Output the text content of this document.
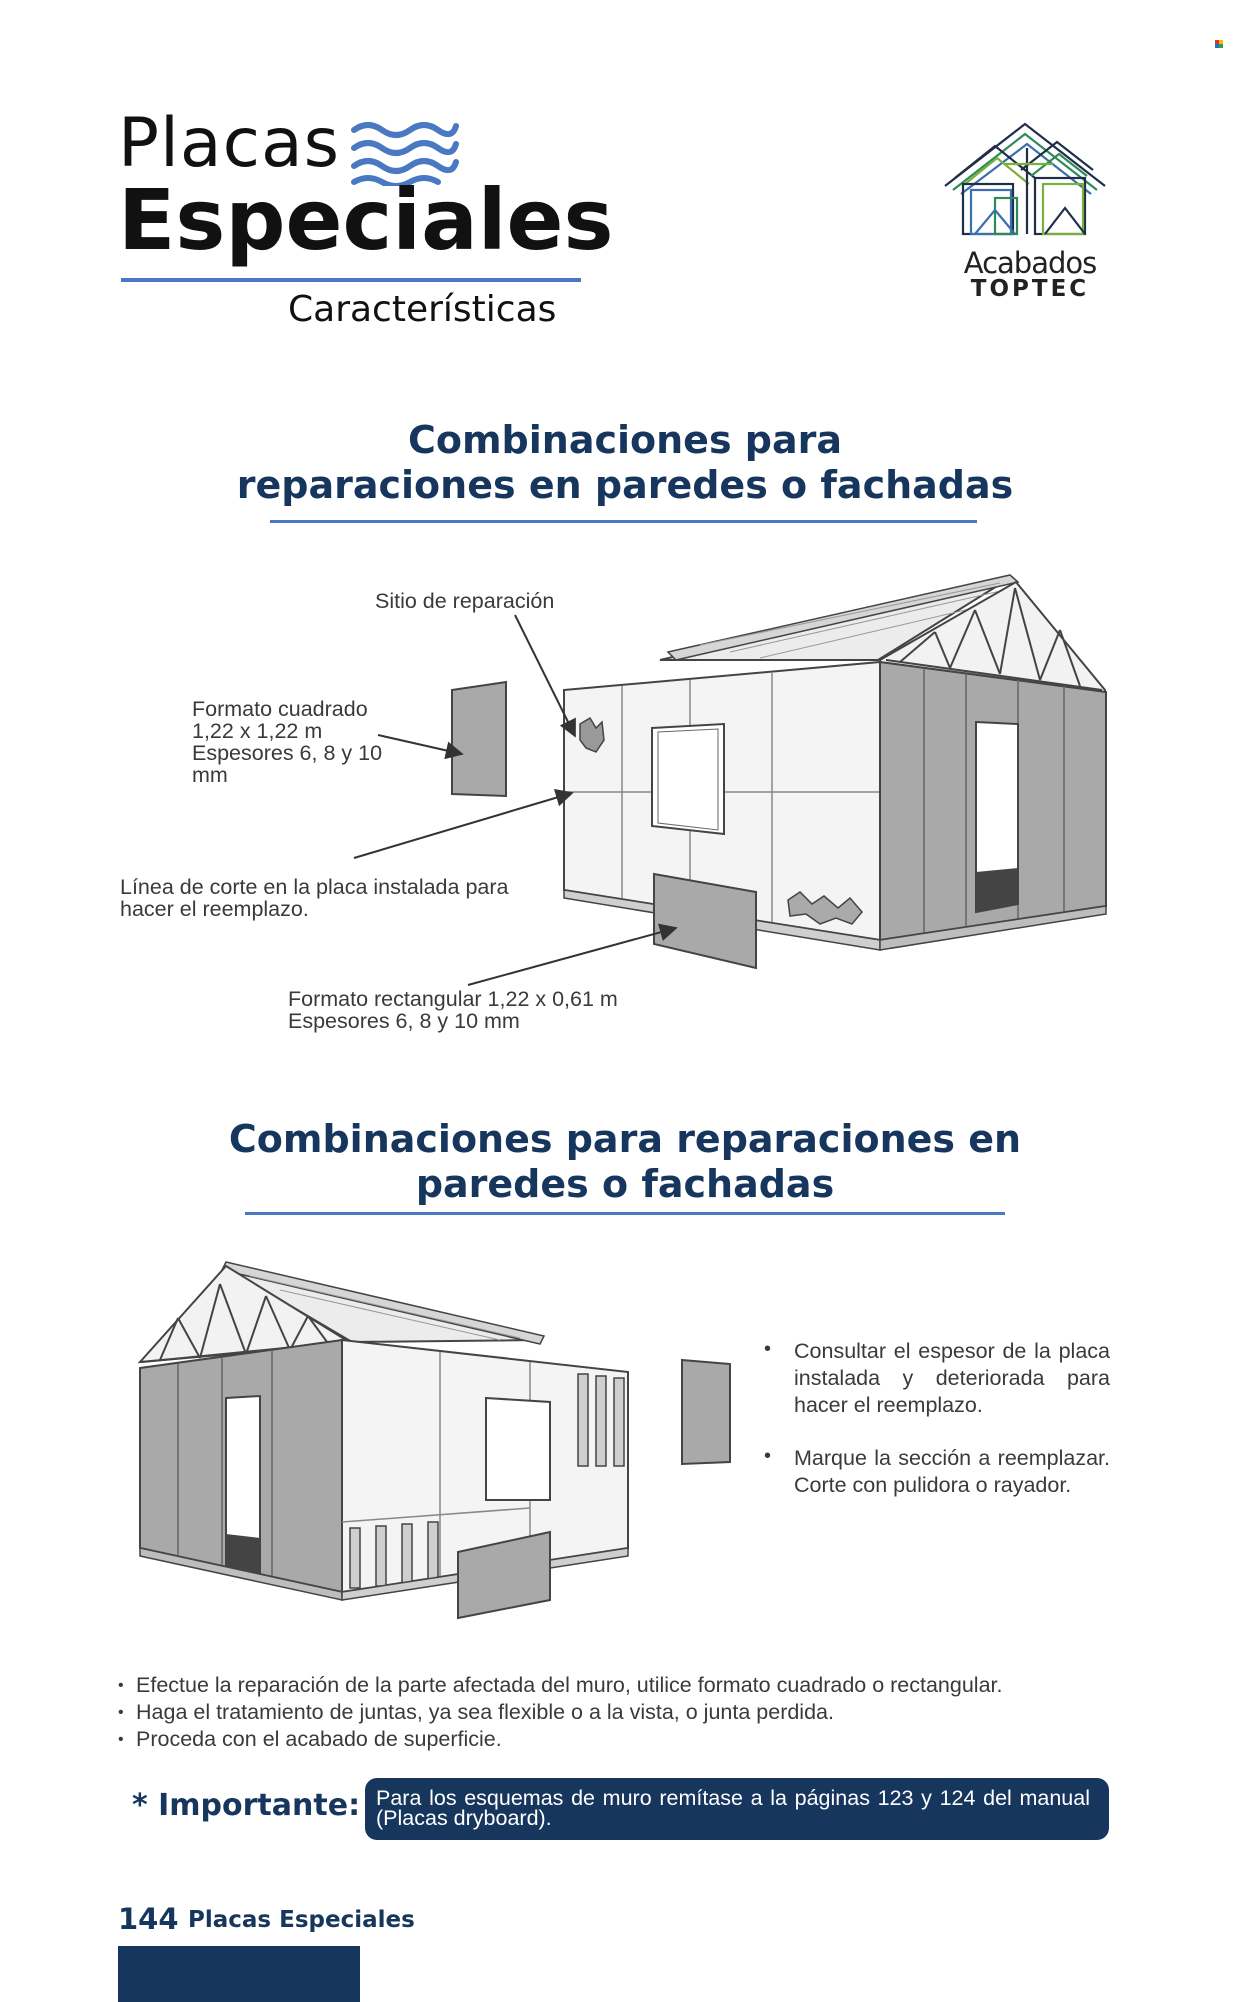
Placas
Especiales
Características
Acabados
TOPTEC
Combinaciones para
reparaciones en paredes o fachadas
Sitio de reparación
Formato cuadrado 1,22 x 1,22 m Espesores 6, 8 y 10 mm
Línea de corte en la placa instalada para hacer el reemplazo.
Formato rectangular 1,22 x 0,61 m
Espesores 6, 8 y 10 mm
Combinaciones para reparaciones en
paredes o fachadas
• Consultar el espesor de la placa instalada y deteriorada para hacer el reemplazo.
• Marque la sección a reemplazar. Corte con pulidora o rayador.
• Efectue la reparación de la parte afectada del muro, utilice formato cuadrado o rectangular.
• Haga el tratamiento de juntas, ya sea flexible o a la vista, o junta perdida.
• Proceda con el acabado de superficie.
* Importante: Para los esquemas de muro remítase a la páginas 123 y 124 del manual (Placas dryboard).
144 Placas Especiales
